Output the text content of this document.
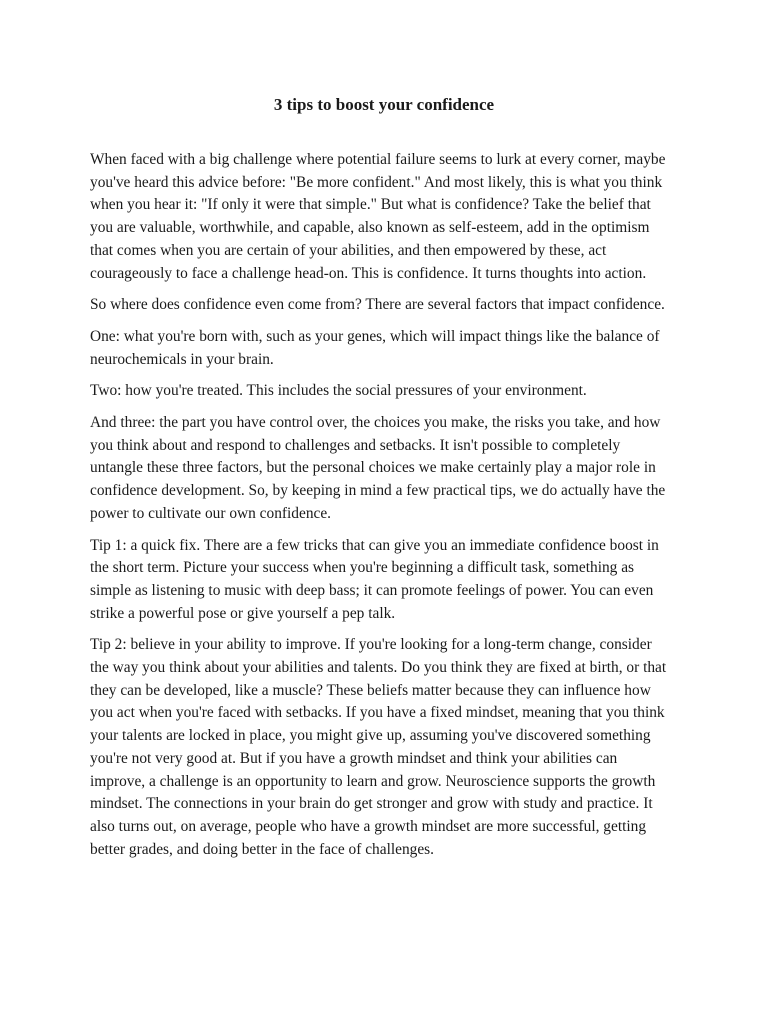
3 tips to boost your confidence

When faced with a big challenge where potential failure seems to lurk at every corner, maybe you've heard this advice before: "Be more confident." And most likely, this is what you think when you hear it: "If only it were that simple." But what is confidence? Take the belief that you are valuable, worthwhile, and capable, also known as self-esteem, add in the optimism that comes when you are certain of your abilities, and then empowered by these, act courageously to face a challenge head-on. This is confidence. It turns thoughts into action.

So where does confidence even come from? There are several factors that impact confidence.

One: what you're born with, such as your genes, which will impact things like the balance of neurochemicals in your brain.

Two: how you're treated. This includes the social pressures of your environment.

And three: the part you have control over, the choices you make, the risks you take, and how you think about and respond to challenges and setbacks. It isn't possible to completely untangle these three factors, but the personal choices we make certainly play a major role in confidence development. So, by keeping in mind a few practical tips, we do actually have the power to cultivate our own confidence.

Tip 1: a quick fix. There are a few tricks that can give you an immediate confidence boost in the short term. Picture your success when you're beginning a difficult task, something as simple as listening to music with deep bass; it can promote feelings of power. You can even strike a powerful pose or give yourself a pep talk.

Tip 2: believe in your ability to improve. If you're looking for a long-term change, consider the way you think about your abilities and talents. Do you think they are fixed at birth, or that they can be developed, like a muscle? These beliefs matter because they can influence how you act when you're faced with setbacks. If you have a fixed mindset, meaning that you think your talents are locked in place, you might give up, assuming you've discovered something you're not very good at. But if you have a growth mindset and think your abilities can improve, a challenge is an opportunity to learn and grow. Neuroscience supports the growth mindset. The connections in your brain do get stronger and grow with study and practice. It also turns out, on average, people who have a growth mindset are more successful, getting better grades, and doing better in the face of challenges.
